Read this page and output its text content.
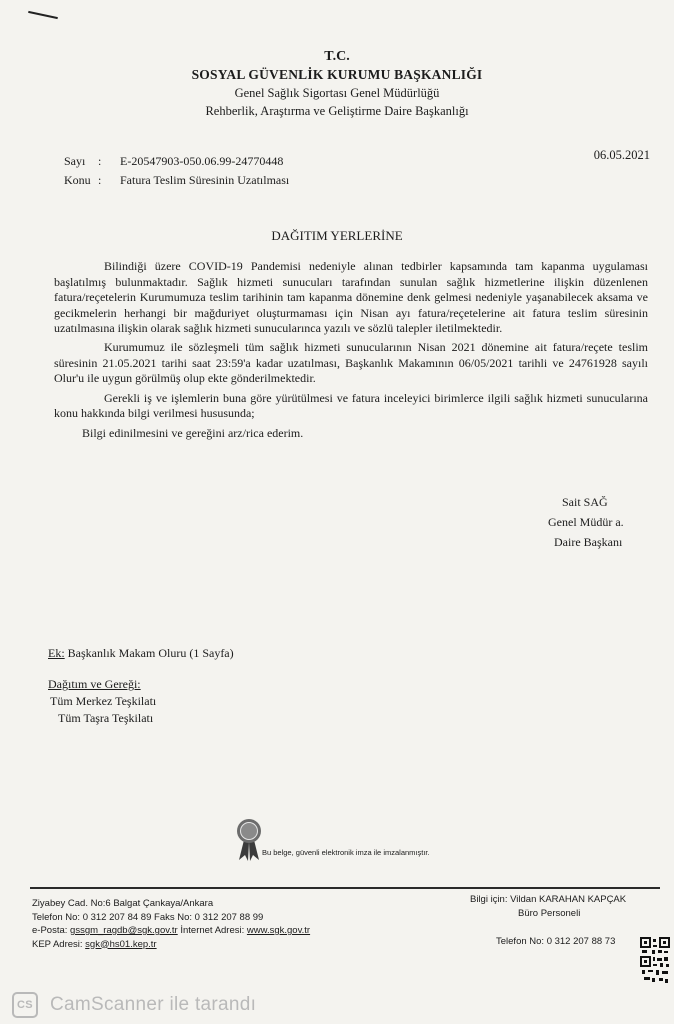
T.C.
SOSYAL GÜVENLİK KURUMU BAŞKANLIĞI
Genel Sağlık Sigortası Genel Müdürlüğü
Rehberlik, Araştırma ve Geliştirme Daire Başkanlığı
Sayı	:	E-20547903-050.06.99-24770448
Konu :	Fatura Teslim Süresinin Uzatılması
06.05.2021
DAĞITIM YERLERİNE

Bilindiği üzere COVID-19 Pandemisi nedeniyle alınan tedbirler kapsamında tam kapanma uygulaması başlatılmış bulunmaktadır. Sağlık hizmeti sunucuları tarafından sunulan sağlık hizmetlerine ilişkin düzenlenen fatura/reçetelerin Kurumumuza teslim tarihinin tam kapanma dönemine denk gelmesi nedeniyle yaşanabilecek aksama ve gecikmelerin herhangi bir mağduriyet oluşturmaması için Nisan ayı fatura/reçetelerine ait fatura teslim süresinin uzatılmasına ilişkin olarak sağlık hizmeti sunucularınca yazılı ve sözlü talepler iletilmektedir.

Kurumumuz ile sözleşmeli tüm sağlık hizmeti sunucularının Nisan 2021 dönemine ait fatura/reçete teslim süresinin 21.05.2021 tarihi saat 23:59'a kadar uzatılması, Başkanlık Makamının 06/05/2021 tarihli ve 24761928 sayılı Olur'u ile uygun görülmüş olup ekte gönderilmektedir.

Gerekli iş ve işlemlerin buna göre yürütülmesi ve fatura inceleyici birimlerce ilgili sağlık hizmeti sunucularına konu hakkında bilgi verilmesi hususunda;

Bilgi edinilmesini ve gereğini arz/rica ederim.

Sait SAĞ
Genel Müdür a.
Daire Başkanı
Ek: Başkanlık Makam Oluru (1 Sayfa)
Dağıtım ve Gereği:
Tüm Merkez Teşkilatı
Tüm Taşra Teşkilatı
Bu belge, güvenli elektronik imza ile imzalanmıştır.
Ziyabey Cad. No:6 Balgat Çankaya/Ankara
Telefon No: 0 312 207 84 89 Faks No: 0 312 207 88 99
e-Posta: gssgm_ragdb@sgk.gov.tr İnternet Adresi: www.sgk.gov.tr
KEP Adresi: sgk@hs01.kep.tr
Bilgi için: Vildan KARAHAN KAPÇAK
Büro Personeli
Telefon No: 0 312 207 88 73
CS CamScanner ile tarandı
